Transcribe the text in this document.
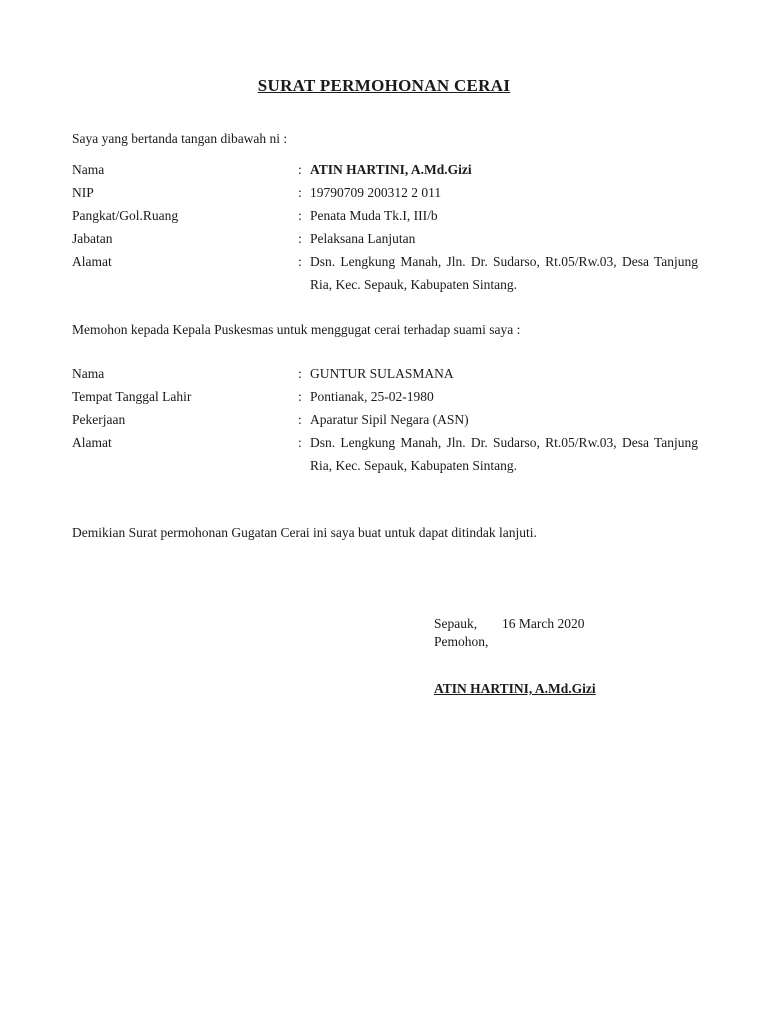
SURAT PERMOHONAN CERAI
Saya yang bertanda tangan dibawah ni :
Nama	: ATIN HARTINI, A.Md.Gizi
NIP	: 19790709 200312 2 011
Pangkat/Gol.Ruang	: Penata Muda Tk.I, III/b
Jabatan	: Pelaksana Lanjutan
Alamat	: Dsn. Lengkung Manah, Jln. Dr. Sudarso, Rt.05/Rw.03, Desa Tanjung Ria, Kec. Sepauk, Kabupaten Sintang.
Memohon kepada Kepala Puskesmas untuk menggugat cerai terhadap suami saya :
Nama	: GUNTUR SULASMANA
Tempat Tanggal Lahir	: Pontianak, 25-02-1980
Pekerjaan	: Aparatur Sipil Negara (ASN)
Alamat	: Dsn. Lengkung Manah, Jln. Dr. Sudarso, Rt.05/Rw.03, Desa Tanjung Ria, Kec. Sepauk, Kabupaten Sintang.
Demikian Surat permohonan Gugatan Cerai ini saya buat untuk dapat ditindak lanjuti.
Sepauk, 16 March 2020
Pemohon,
ATIN HARTINI, A.Md.Gizi
